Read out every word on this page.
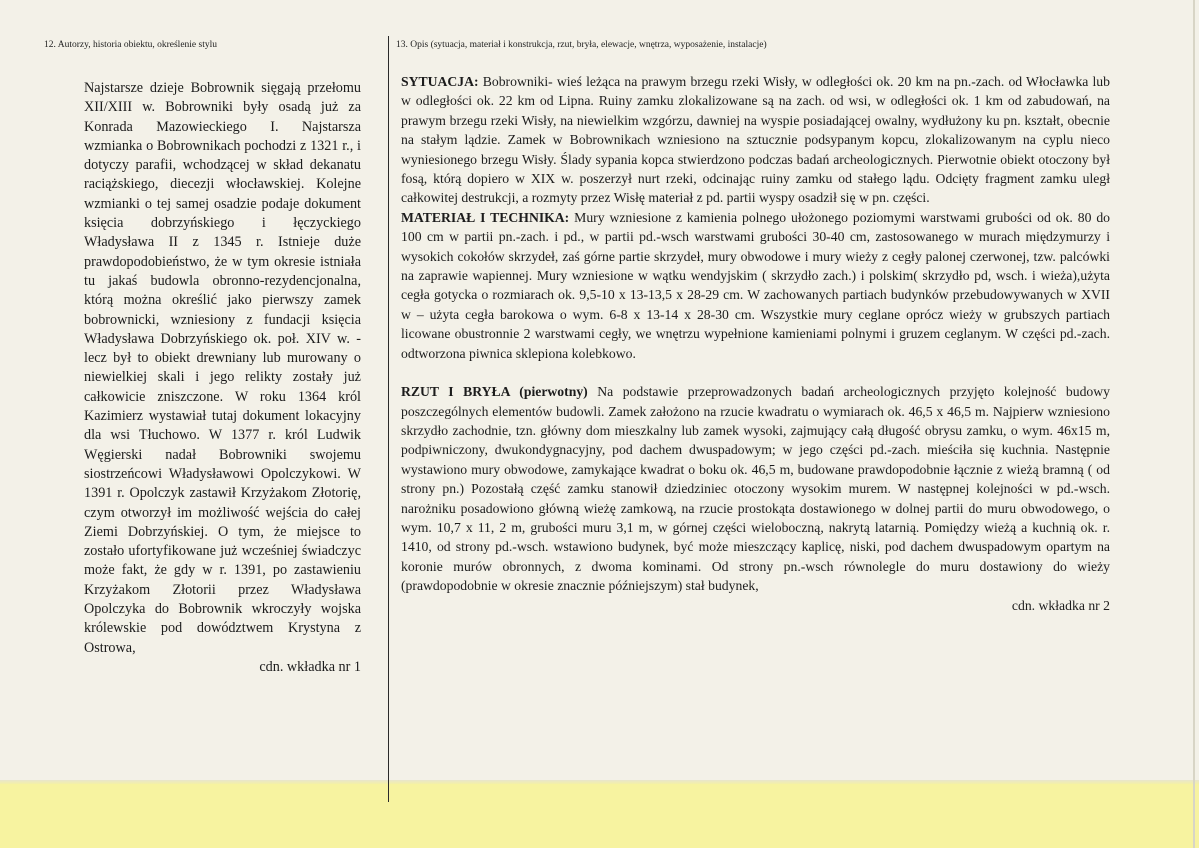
12. Autorzy, historia obiektu, określenie stylu	13. Opis (sytuacja, materiał i konstrukcja, rzut, bryła, elewacje, wnętrza, wyposażenie, instalacje)

Najstarsze dzieje Bobrownik sięgają przełomu XII/XIII w. Bobrowniki były osadą już za Konrada Mazowieckiego I. Najstarsza wzmianka o Bobrownikach pochodzi z 1321 r., i dotyczy parafii, wchodzącej w skład dekanatu raciążskiego, diecezji włocławskiej. Kolejne wzmianki o tej samej osadzie podaje dokument księcia dobrzyńskiego i łęczyckiego Władysława II z 1345 r. Istnieje duże prawdopodobieństwo, że w tym okresie istniała tu jakaś budowla obronno-rezydencjonalna, którą można określić jako pierwszy zamek bobrownicki, wzniesiony z fundacji księcia Władysława Dobrzyńskiego ok. poł. XIV w. - lecz był to obiekt drewniany lub murowany o niewielkiej skali i jego relikty zostały już całkowicie zniszczone. W roku 1364 król Kazimierz wystawiał tutaj dokument lokacyjny dla wsi Tłuchowo. W 1377 r. król Ludwik Węgierski nadał Bobrowniki swojemu siostrzeńcowi Władysławowi Opolczykowi. W 1391 r. Opolczyk zastawił Krzyżakom Złotorię, czym otworzył im możliwość wejścia do całej Ziemi Dobrzyńskiej. O tym, że miejsce to zostało ufortyfikowane już wcześniej świadczyc może fakt, że gdy w r. 1391, po zastawieniu Krzyżakom Złotorii przez Władysława Opolczyka do Bobrownik wkroczyły wojska królewskie pod dowództwem Krystyna z Ostrowa,

cdn. wkładka nr 1

SYTUACJA: Bobrowniki- wieś leżąca na prawym brzegu rzeki Wisły, w odległości ok. 20 km na pn.-zach. od Włocławka lub w odległości ok. 22 km od Lipna. Ruiny zamku zlokalizowane są na zach. od wsi, w odległości ok. 1 km od zabudowań, na prawym brzegu rzeki Wisły, na niewielkim wzgórzu, dawniej na wyspie posiadającej owalny, wydłużony ku pn. kształt, obecnie na stałym lądzie. Zamek w Bobrownikach wzniesiono na sztucznie podsypanym kopcu, zlokalizowanym na cyplu nieco wyniesionego brzegu Wisły. Ślady sypania kopca stwierdzono podczas badań archeologicznych. Pierwotnie obiekt otoczony był fosą, którą dopiero w XIX w. poszerzył nurt rzeki, odcinając ruiny zamku od stałego lądu. Odcięty fragment zamku uległ całkowitej destrukcji, a rozmyty przez Wisłę materiał z pd. partii wyspy osadził się w pn. części.

MATERIAŁ I TECHNIKA: Mury wzniesione z kamienia polnego ułożonego poziomymi warstwami grubości od ok. 80 do 100 cm w partii pn.-zach. i pd., w partii pd.-wsch warstwami grubości 30-40 cm, zastosowanego w murach międzymurzy i wysokich cokołów skrzydeł, zaś górne partie skrzydeł, mury obwodowe i mury wieży z cegły palonej czerwonej, tzw. palcówki na zaprawie wapiennej. Mury wzniesione w wątku wendyjskim ( skrzydło zach.) i polskim( skrzydło pd, wsch. i wieża),użyta cegła gotycka o rozmiarach ok. 9,5-10 x 13-13,5 x 28-29 cm. W zachowanych partiach budynków przebudowywanych w XVII w – użyta cegła barokowa o wym. 6-8 x 13-14 x 28-30 cm. Wszystkie mury ceglane oprócz wieży w grubszych partiach licowane obustronnie 2 warstwami cegły, we wnętrzu wypełnione kamieniami polnymi i gruzem ceglanym. W części pd.-zach. odtworzona piwnica sklepiona kolebkowo.

RZUT I BRYŁA (pierwotny) Na podstawie przeprowadzonych badań archeologicznych przyjęto kolejność budowy poszczególnych elementów budowli. Zamek założono na rzucie kwadratu o wymiarach ok. 46,5 x 46,5 m. Najpierw wzniesiono skrzydło zachodnie, tzn. główny dom mieszkalny lub zamek wysoki, zajmujący całą długość obrysu zamku, o wym. 46x15 m, podpiwniczony, dwukondygnacyjny, pod dachem dwuspadowym; w jego części pd.-zach. mieściła się kuchnia. Następnie wystawiono mury obwodowe, zamykające kwadrat o boku ok. 46,5 m, budowane prawdopodobnie łącznie z wieżą bramną ( od strony pn.) Pozostałą część zamku stanowił dziedziniec otoczony wysokim murem. W następnej kolejności w pd.-wsch. narożniku posadowiono główną wieżę zamkową, na rzucie prostokąta dostawionego w dolnej partii do muru obwodowego, o wym. 10,7 x 11, 2 m, grubości muru 3,1 m, w górnej części wieloboczną, nakrytą latarnią. Pomiędzy wieżą a kuchnią ok. r. 1410, od strony pd.-wsch. wstawiono budynek, być może mieszczący kaplicę, niski, pod dachem dwuspadowym opartym na koronie murów obronnych, z dwoma kominami. Od strony pn.-wsch równolegle do muru dostawiony do wieży (prawdopodobnie w okresie znacznie późniejszym) stał budynek,

cdn. wkładka nr 2
